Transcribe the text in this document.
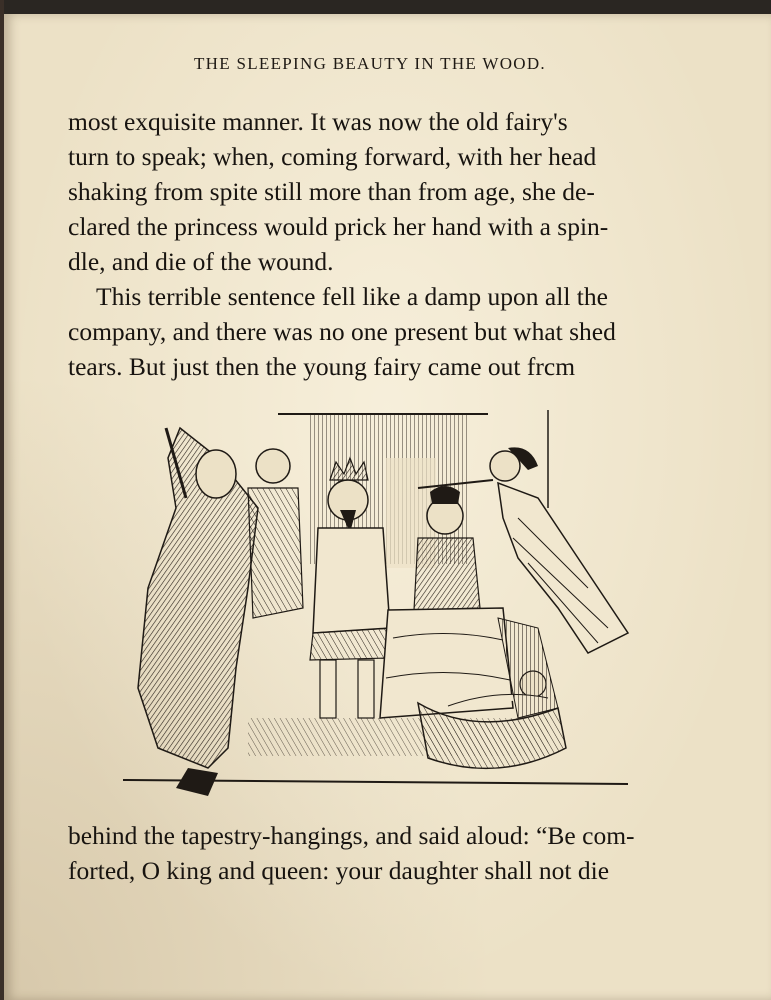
THE SLEEPING BEAUTY IN THE WOOD.
most exquisite manner. It was now the old fairy's
turn to speak; when, coming forward, with her head
shaking from spite still more than from age, she de-
clared the princess would prick her hand with a spin-
dle, and die of the wound.
This terrible sentence fell like a damp upon all the
company, and there was no one present but what shed
tears. But just then the young fairy came out frcm
behind the tapestry-hangings, and said aloud: “Be com-
forted, O king and queen: your daughter shall not die
